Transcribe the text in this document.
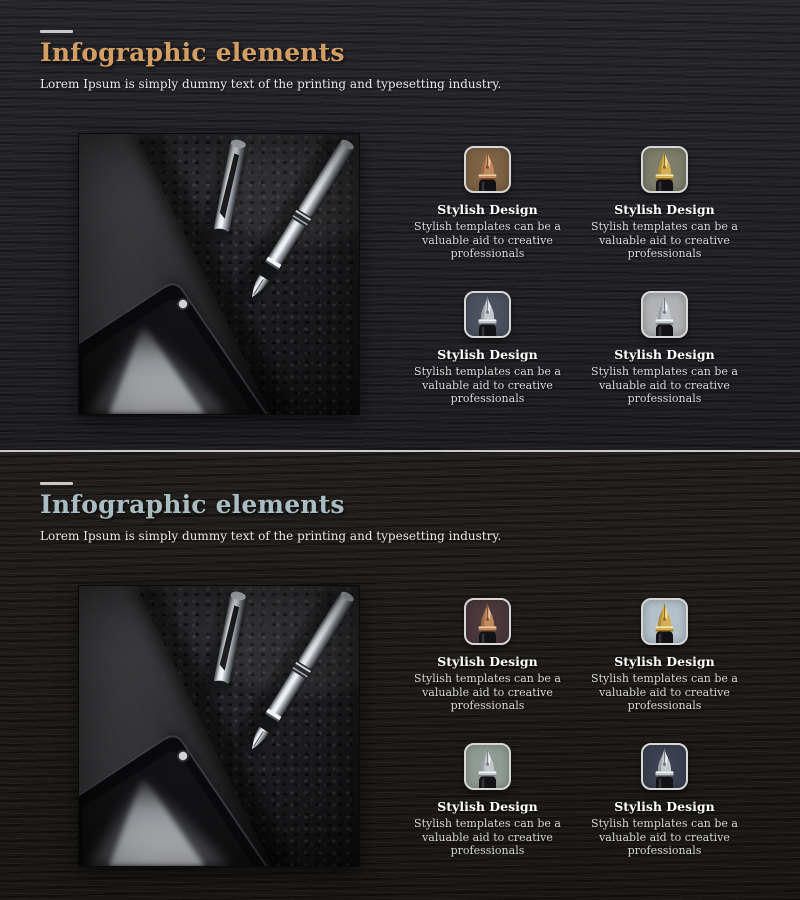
Infographic elements

Lorem Ipsum is simply dummy text of the printing and typesetting industry.

Stylish Design

Stylish templates can be a valuable aid to creative professionals

Stylish Design

Stylish templates can be a valuable aid to creative professionals

Stylish Design

Stylish templates can be a valuable aid to creative professionals

Stylish Design

Stylish templates can be a valuable aid to creative professionals

Infographic elements

Lorem Ipsum is simply dummy text of the printing and typesetting industry.

Stylish Design

Stylish templates can be a valuable aid to creative professionals

Stylish Design

Stylish templates can be a valuable aid to creative professionals

Stylish Design

Stylish templates can be a valuable aid to creative professionals

Stylish Design

Stylish templates can be a valuable aid to creative professionals
